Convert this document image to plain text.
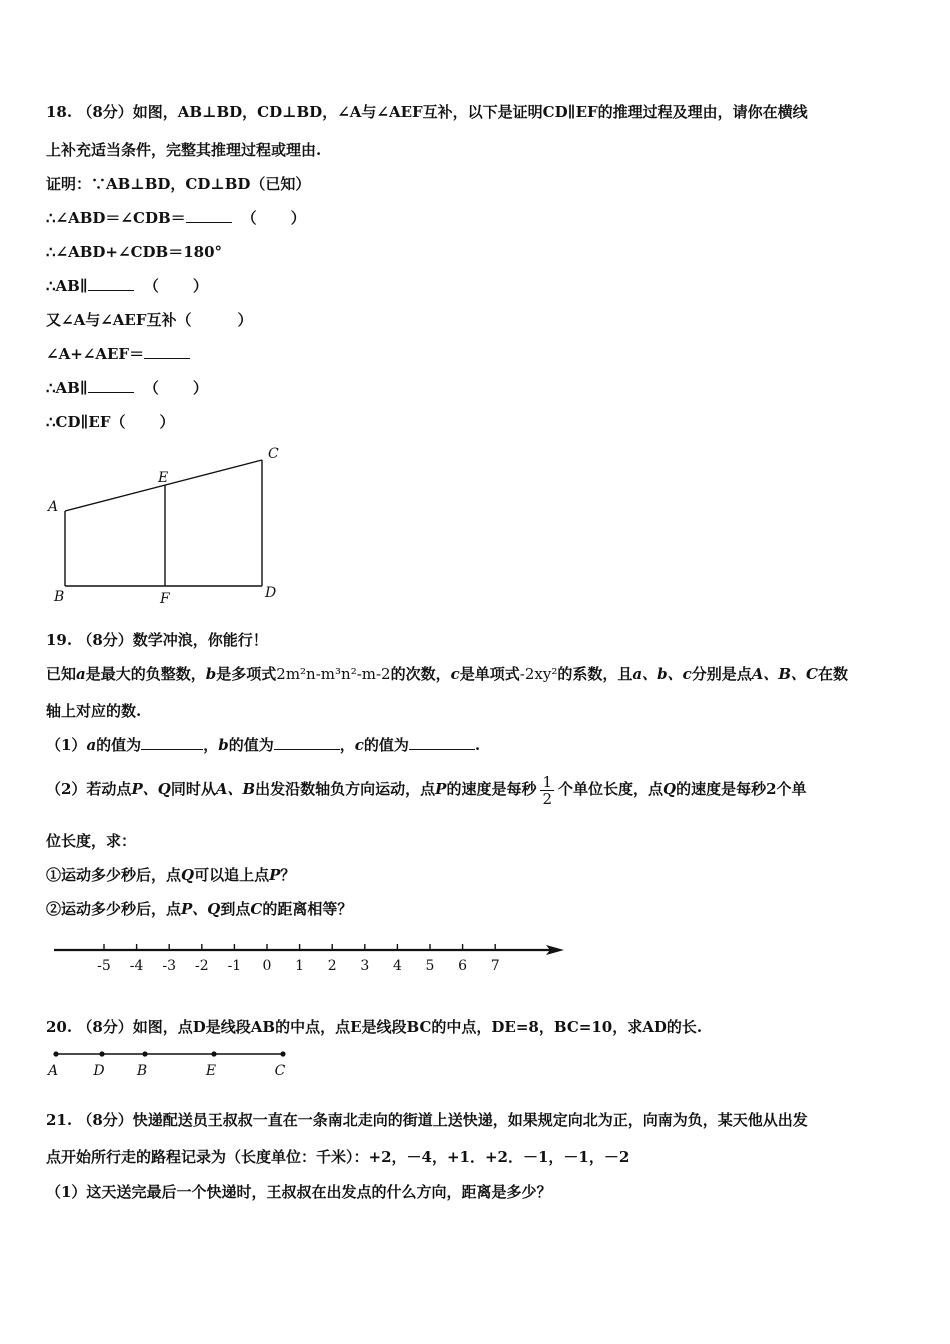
18. （8分）如图，AB⊥BD，CD⊥BD，∠A与∠AEF互补，以下是证明CD∥EF的推理过程及理由，请你在横线
上补充适当条件，完整其推理过程或理由.
证明：∵AB⊥BD，CD⊥BD（已知）
∴∠ABD＝∠CDB＝	（ ）
∴∠ABD+∠CDB＝180°
∴AB∥	（ ）
又∠A与∠AEF互补（	）
∠A+∠AEF＝
∴AB∥	（ ）
∴CD∥EF（ ）
A
E
C
B	F	D
19. （8分）数学冲浪，你能行！
已知a是最大的负整数，b是多项式2m²n-m³n²-m-2的次数，c是单项式-2xy²的系数，且a、b、c分别是点A、B、C在数
轴上对应的数.
（1）a的值为	，b的值为	，c的值为	.
（2）若动点P、Q同时从A、B出发沿数轴负方向运动，点P的速度是每秒 $\frac{1}{2}$ 个单位长度，点Q的速度是每秒2个单
位长度，求：
①运动多少秒后，点Q可以追上点P？
②运动多少秒后，点P、Q到点C的距离相等？
-5 -4 -3 -2 -1 0 1 2 3 4 5 6 7
20. （8分）如图，点D是线段AB的中点，点E是线段BC的中点，DE=8，BC=10，求AD的长.
A	D B	E	C
21. （8分）快递配送员王叔叔一直在一条南北走向的街道上送快递，如果规定向北为正，向南为负，某天他从出发
点开始所行走的路程记录为（长度单位：千米）：+2，－4，+1．+2．－1，－1，－2
（1）这天送完最后一个快递时，王叔叔在出发点的什么方向，距离是多少？
